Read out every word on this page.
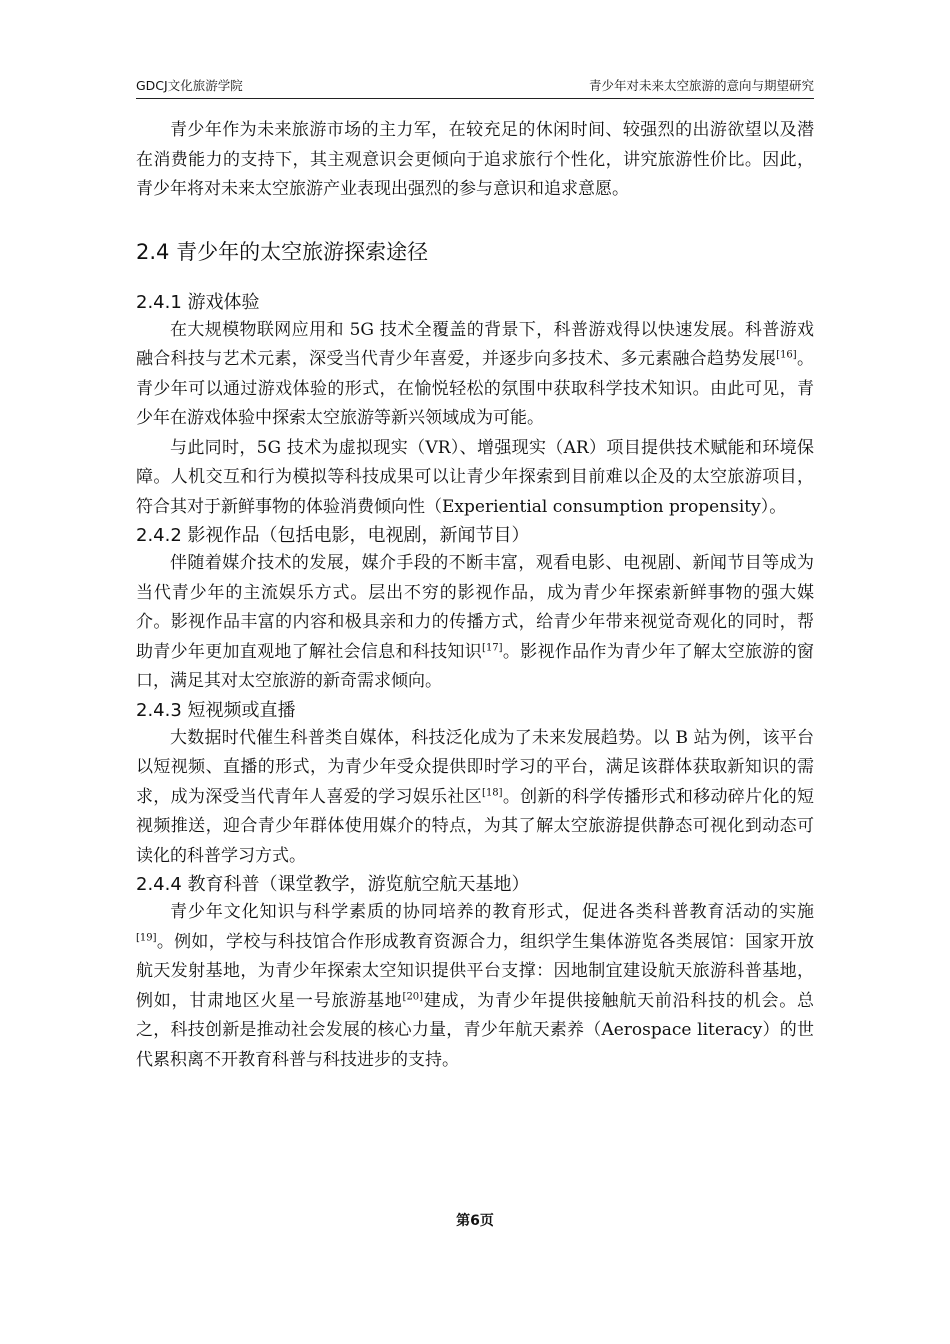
GDCJ文化旅游学院	青少年对未来太空旅游的意向与期望研究

青少年作为未来旅游市场的主力军，在较充足的休闲时间、较强烈的出游欲望以及潜在消费能力的支持下，其主观意识会更倾向于追求旅行个性化，讲究旅游性价比。因此，青少年将对未来太空旅游产业表现出强烈的参与意识和追求意愿。

2.4 青少年的太空旅游探索途径
2.4.1 游戏体验

在大规模物联网应用和 5G 技术全覆盖的背景下，科普游戏得以快速发展。科普游戏融合科技与艺术元素，深受当代青少年喜爱，并逐步向多技术、多元素融合趋势发展[16]。青少年可以通过游戏体验的形式，在愉悦轻松的氛围中获取科学技术知识。由此可见，青少年在游戏体验中探索太空旅游等新兴领域成为可能。

与此同时，5G 技术为虚拟现实（VR）、增强现实（AR）项目提供技术赋能和环境保障。人机交互和行为模拟等科技成果可以让青少年探索到目前难以企及的太空旅游项目，符合其对于新鲜事物的体验消费倾向性（Experiential consumption propensity）。

2.4.2 影视作品（包括电影，电视剧，新闻节目）

伴随着媒介技术的发展，媒介手段的不断丰富，观看电影、电视剧、新闻节目等成为当代青少年的主流娱乐方式。层出不穷的影视作品，成为青少年探索新鲜事物的强大媒介。影视作品丰富的内容和极具亲和力的传播方式，给青少年带来视觉奇观化的同时，帮助青少年更加直观地了解社会信息和科技知识[17]。影视作品作为青少年了解太空旅游的窗口，满足其对太空旅游的新奇需求倾向。

2.4.3 短视频或直播

大数据时代催生科普类自媒体，科技泛化成为了未来发展趋势。以 B 站为例，该平台以短视频、直播的形式，为青少年受众提供即时学习的平台，满足该群体获取新知识的需求，成为深受当代青年人喜爱的学习娱乐社区[18]。创新的科学传播形式和移动碎片化的短视频推送，迎合青少年群体使用媒介的特点，为其了解太空旅游提供静态可视化到动态可读化的科普学习方式。

2.4.4 教育科普（课堂教学，游览航空航天基地）

青少年文化知识与科学素质的协同培养的教育形式，促进各类科普教育活动的实施[19]。例如，学校与科技馆合作形成教育资源合力，组织学生集体游览各类展馆：国家开放航天发射基地，为青少年探索太空知识提供平台支撑：因地制宜建设航天旅游科普基地，例如，甘肃地区火星一号旅游基地[20]建成，为青少年提供接触航天前沿科技的机会。总之，科技创新是推动社会发展的核心力量，青少年航天素养（Aerospace literacy）的世代累积离不开教育科普与科技进步的支持。

第6页
